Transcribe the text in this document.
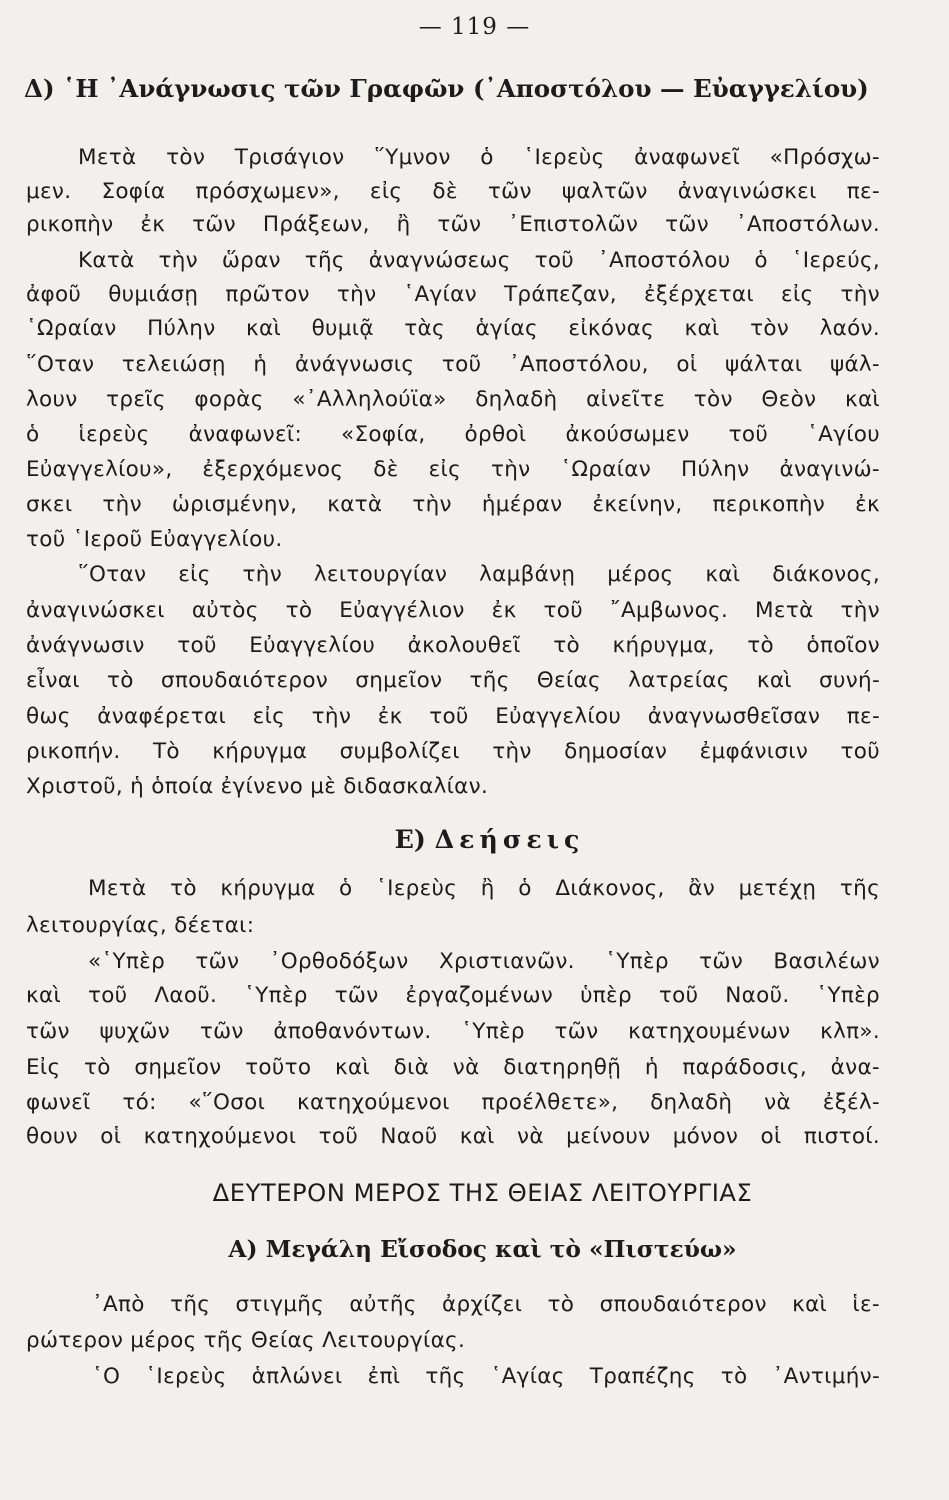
— 119 —
Δ) ῾Η ᾿Ανάγνωσις τῶν Γραφῶν (᾿Αποστόλου — Εὐαγγελίου)
Μετὰ τὸν Τρισάγιον ῞Υμνον ὁ ῾Ιερεὺς ἀναφωνεῖ «Πρόσχω-
μεν. Σοφία πρόσχωμεν», εἰς δὲ τῶν ψαλτῶν ἀναγινώσκει πε-
ρικοπὴν ἐκ τῶν Πράξεων, ἢ τῶν ᾿Επιστολῶν τῶν ᾿Αποστόλων.
Κατὰ τὴν ὥραν τῆς ἀναγνώσεως τοῦ ᾿Αποστόλου ὁ ῾Ιερεύς,
ἀφοῦ θυμιάσῃ πρῶτον τὴν ῾Αγίαν Τράπεζαν, ἐξέρχεται εἰς τὴν
῾Ωραίαν Πύλην καὶ θυμιᾷ τὰς ἁγίας εἰκόνας καὶ τὸν λαόν.
῞Οταν τελειώσῃ ἡ ἀνάγνωσις τοῦ ᾿Αποστόλου, οἱ ψάλται ψάλ-
λουν τρεῖς φορὰς «᾿Αλληλούϊα» δηλαδὴ αἰνεῖτε τὸν Θεὸν καὶ
ὁ ἱερεὺς ἀναφωνεῖ: «Σοφία, ὀρθοὶ ἀκούσωμεν τοῦ ῾Αγίου
Εὐαγγελίου», ἐξερχόμενος δὲ εἰς τὴν ῾Ωραίαν Πύλην ἀναγινώ-
σκει τὴν ὡρισμένην, κατὰ τὴν ἡμέραν ἐκείνην, περικοπὴν ἐκ
τοῦ ῾Ιεροῦ Εὐαγγελίου.
῞Οταν εἰς τὴν λειτουργίαν λαμβάνῃ μέρος καὶ διάκονος,
ἀναγινώσκει αὐτὸς τὸ Εὐαγγέλιον ἐκ τοῦ ῎Αμβωνος. Μετὰ τὴν
ἀνάγνωσιν τοῦ Εὐαγγελίου ἀκολουθεῖ τὸ κήρυγμα, τὸ ὁποῖον
εἶναι τὸ σπουδαιότερον σημεῖον τῆς Θείας λατρείας καὶ συνή-
θως ἀναφέρεται εἰς τὴν ἐκ τοῦ Εὐαγγελίου ἀναγνωσθεῖσαν πε-
ρικοπήν. Τὸ κήρυγμα συμβολίζει τὴν δημοσίαν ἐμφάνισιν τοῦ
Χριστοῦ, ἡ ὁποία ἐγίνενο μὲ διδασκαλίαν.
Ε) Δεήσεις
Μετὰ τὸ κήρυγμα ὁ ῾Ιερεὺς ἢ ὁ Διάκονος, ἂν μετέχῃ τῆς
λειτουργίας, δέεται:
«῾Υπὲρ τῶν ᾿Ορθοδόξων Χριστιανῶν. ῾Υπὲρ τῶν Βασιλέων
καὶ τοῦ Λαοῦ. ῾Υπὲρ τῶν ἐργαζομένων ὑπὲρ τοῦ Ναοῦ. ῾Υπὲρ
τῶν ψυχῶν τῶν ἀποθανόντων. ῾Υπὲρ τῶν κατηχουμένων κλπ».
Εἰς τὸ σημεῖον τοῦτο καὶ διὰ νὰ διατηρηθῇ ἡ παράδοσις, ἀνα-
φωνεῖ τό: «῞Οσοι κατηχούμενοι προέλθετε», δηλαδὴ νὰ ἐξέλ-
θουν οἱ κατηχούμενοι τοῦ Ναοῦ καὶ νὰ μείνουν μόνον οἱ πιστοί.
ΔΕΥΤΕΡΟΝ ΜΕΡΟΣ ΤΗΣ ΘΕΙΑΣ ΛΕΙΤΟΥΡΓΙΑΣ
Α) Μεγάλη Εἴσοδος καὶ τὸ «Πιστεύω»
᾿Απὸ τῆς στιγμῆς αὐτῆς ἀρχίζει τὸ σπουδαιότερον καὶ ἱε-
ρώτερον μέρος τῆς Θείας Λειτουργίας.
῾Ο ῾Ιερεὺς ἁπλώνει ἐπὶ τῆς ῾Αγίας Τραπέζης τὸ ᾿Αντιμήν-
